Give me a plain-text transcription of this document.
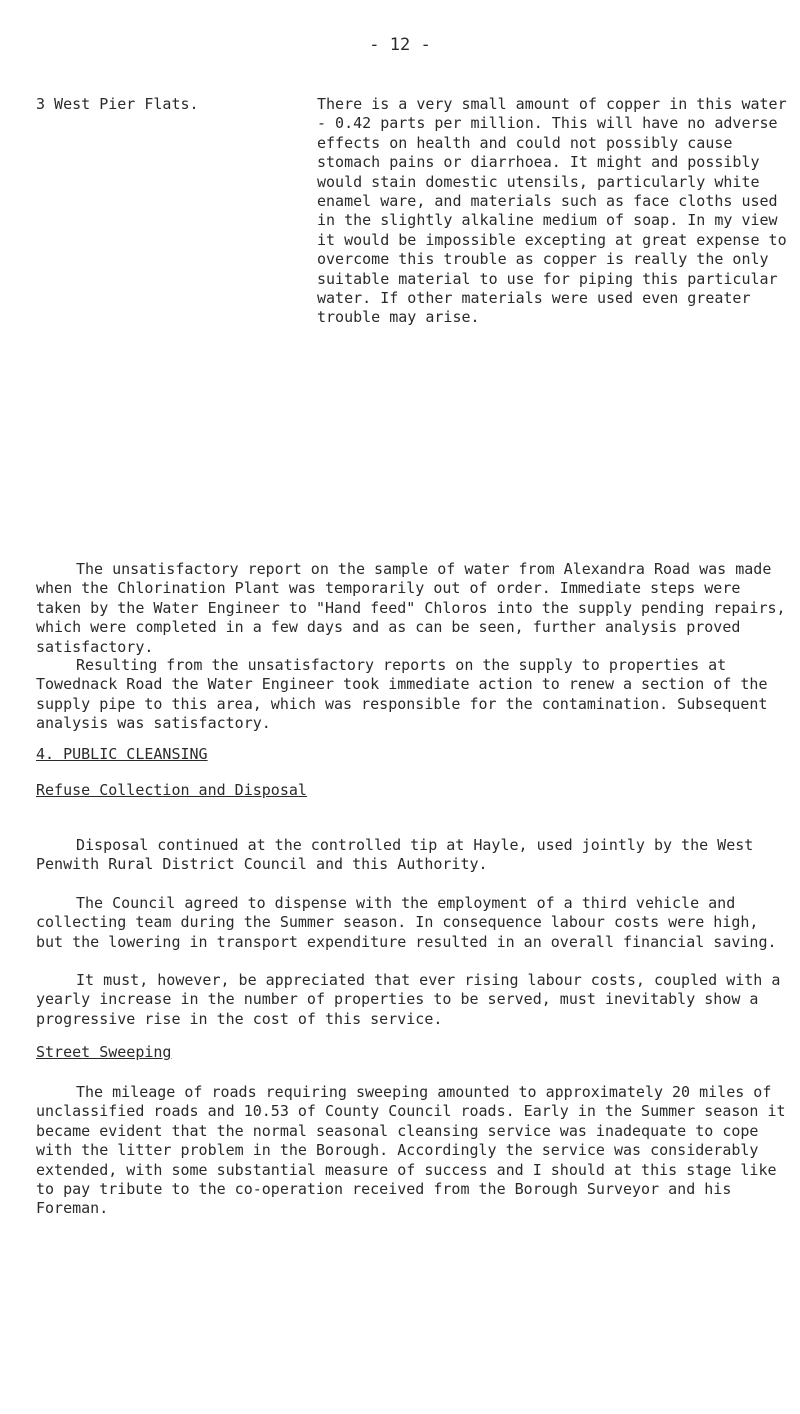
- 12 -
3 West Pier Flats.	There is a very small amount of copper in this water - 0.42 parts per million. This will have no adverse effects on health and could not possibly cause stomach pains or diarrhoea. It might and possibly would stain domestic utensils, particularly white enamel ware, and materials such as face cloths used in the slightly alkaline medium of soap. In my view it would be impossible excepting at great expense to overcome this trouble as copper is really the only suitable material to use for piping this particular water. If other materials were used even greater trouble may arise.
The unsatisfactory report on the sample of water from Alexandra Road was made when the Chlorination Plant was temporarily out of order. Immediate steps were taken by the Water Engineer to "Hand feed" Chloros into the supply pending repairs, which were completed in a few days and as can be seen, further analysis proved satisfactory.
Resulting from the unsatisfactory reports on the supply to properties at Towednack Road the Water Engineer took immediate action to renew a section of the supply pipe to this area, which was responsible for the contamination. Subsequent analysis was satisfactory.
4. PUBLIC CLEANSING
Refuse Collection and Disposal
Disposal continued at the controlled tip at Hayle, used jointly by the West Penwith Rural District Council and this Authority.
The Council agreed to dispense with the employment of a third vehicle and collecting team during the Summer season. In consequence labour costs were high, but the lowering in transport expenditure resulted in an overall financial saving.
It must, however, be appreciated that ever rising labour costs, coupled with a yearly increase in the number of properties to be served, must inevitably show a progressive rise in the cost of this service.
Street Sweeping
The mileage of roads requiring sweeping amounted to approximately 20 miles of unclassified roads and 10.53 of County Council roads. Early in the Summer season it became evident that the normal seasonal cleansing service was inadequate to cope with the litter problem in the Borough. Accordingly the service was considerably extended, with some substantial measure of success and I should at this stage like to pay tribute to the co-operation received from the Borough Surveyor and his Foreman.
